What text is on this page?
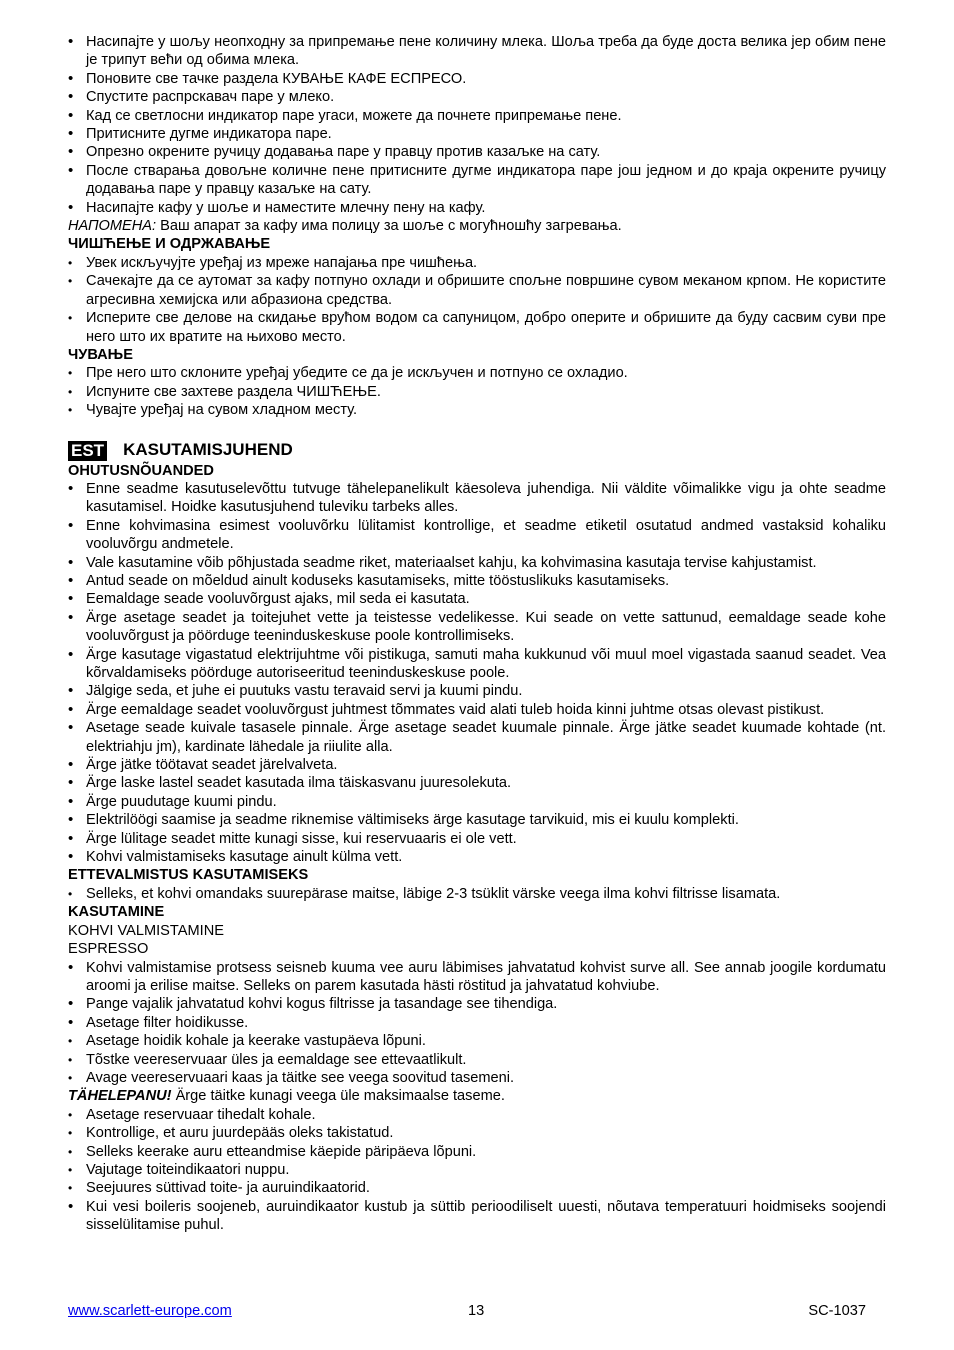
• Насипајте у шољу неопходну за припремање пене количину млека. Шоља треба да буде доста велика јер обим пене је трипут већи од обима млека.
• Поновите све тачке раздела КУВАЊЕ КАФЕ ЕСПРЕСО.
• Спустите распрскавач паре у млеко.
• Кад се светлосни индикатор паре угаси, можете да почнете припремање пене.
• Притисните дугме индикатора паре.
• Опрезно окрените ручицу додавања паре у правцу против казаљке на сату.
• После стварања довољне количне пене притисните дугме индикатора паре још једном и до краја окрените ручицу додавања паре у правцу казаљке на сату.
• Насипајте кафу у шоље и наместите млечну пену на кафу.

НАПОМЕНА: Ваш апарат за кафу има полицу за шоље с могућношћу загревања.

ЧИШЋЕЊЕ И ОДРЖАВАЊЕ

• Увек искључујте уређај из мреже напајања пре чишћења.
• Сачекајте да се аутомат за кафу потпуно охлади и обришите спољне површине сувом меканом крпом. Не користите агресивна хемијска или абразиона средства.
• Исперите све делове на скидање врућом водом са сапуницом, добро оперите и обришите да буду сасвим суви пре него што их вратите на њихово место.

ЧУВАЊЕ

• Пре него што склоните уређај убедите се да је искључен и потпуно се охладио.
• Испуните све захтеве раздела ЧИШЋЕЊЕ.
• Чувајте уређај на сувом хладном месту.
EST KASUTAMISJUHEND

OHUTUSNÕUANDED

• Enne seadme kasutuselevõttu tutvuge tähelepanelikult käesoleva juhendiga. Nii väldite võimalikke vigu ja ohte seadme kasutamisel. Hoidke kasutusjuhend tuleviku tarbeks alles.
• Enne kohvimasina esimest vooluvõrku lülitamist kontrollige, et seadme etiketil osutatud andmed vastaksid kohaliku vooluvõrgu andmetele.
• Vale kasutamine võib põhjustada seadme riket, materiaalset kahju, ka kohvimasina kasutaja tervise kahjustamist.
• Antud seade on mõeldud ainult koduseks kasutamiseks, mitte tööstuslikuks kasutamiseks.
• Eemaldage seade vooluvõrgust ajaks, mil seda ei kasutata.
• Ärge asetage seadet ja toitejuhet vette ja teistesse vedelikesse. Kui seade on vette sattunud, eemaldage seade kohe vooluvõrgust ja pöörduge teeninduskeskuse poole kontrollimiseks.
• Ärge kasutage vigastatud elektrijuhtme või pistikuga, samuti maha kukkunud või muul moel vigastada saanud seadet. Vea kõrvaldamiseks pöörduge autoriseeritud teeninduskeskuse poole.
• Jälgige seda, et juhe ei puutuks vastu teravaid servi ja kuumi pindu.
• Ärge eemaldage seadet vooluvõrgust juhtmest tõmmates vaid alati tuleb hoida kinni juhtme otsas olevast pistikust.
• Asetage seade kuivale tasasele pinnale. Ärge asetage seadet kuumale pinnale. Ärge jätke seadet kuumade kohtade (nt. elektriahju jm), kardinate lähedale ja riiulite alla.
• Ärge jätke töötavat seadet järelvalveta.
• Ärge laske lastel seadet kasutada ilma täiskasvanu juuresolekuta.
• Ärge puudutage kuumi pindu.
• Elektrilöögi saamise ja seadme riknemise vältimiseks ärge kasutage tarvikuid, mis ei kuulu komplekti.
• Ärge lülitage seadet mitte kunagi sisse, kui reservuaaris ei ole vett.
• Kohvi valmistamiseks kasutage ainult külma vett.

ETTEVALMISTUS KASUTAMISEKS

• Selleks, et kohvi omandaks suurepärase maitse, läbige 2-3 tsüklit värske veega ilma kohvi filtrisse lisamata.

KASUTAMINE

KOHVI VALMISTAMINE

ESPRESSO

• Kohvi valmistamise protsess seisneb kuuma vee auru läbimises jahvatatud kohvist surve all. See annab joogile kordumatu aroomi ja erilise maitse. Selleks on parem kasutada hästi röstitud ja jahvatatud kohviube.
• Pange vajalik jahvatatud kohvi kogus filtrisse ja tasandage see tihendiga.
• Asetage filter hoidikusse.
• Asetage hoidik kohale ja keerake vastupäeva lõpuni.
• Tõstke veereservuaar üles ja eemaldage see ettevaatlikult.
• Avage veereservuaari kaas ja täitke see veega soovitud tasemeni.

TÄHELEPANU! Ärge täitke kunagi veega üle maksimaalse taseme.

• Asetage reservuaar tihedalt kohale.
• Kontrollige, et auru juurdepääs oleks takistatud.
• Selleks keerake auru etteandmise käepide päripäeva lõpuni.
• Vajutage toiteindikaatori nuppu.
• Seejuures süttivad toite- ja auruindikaatorid.
• Kui vesi boileris soojeneb, auruindikaator kustub ja süttib perioodiliselt uuesti, nõutava temperatuuri hoidmiseks soojendi sisselülitamise puhul.
www.scarlett-europe.com	13	SC-1037
